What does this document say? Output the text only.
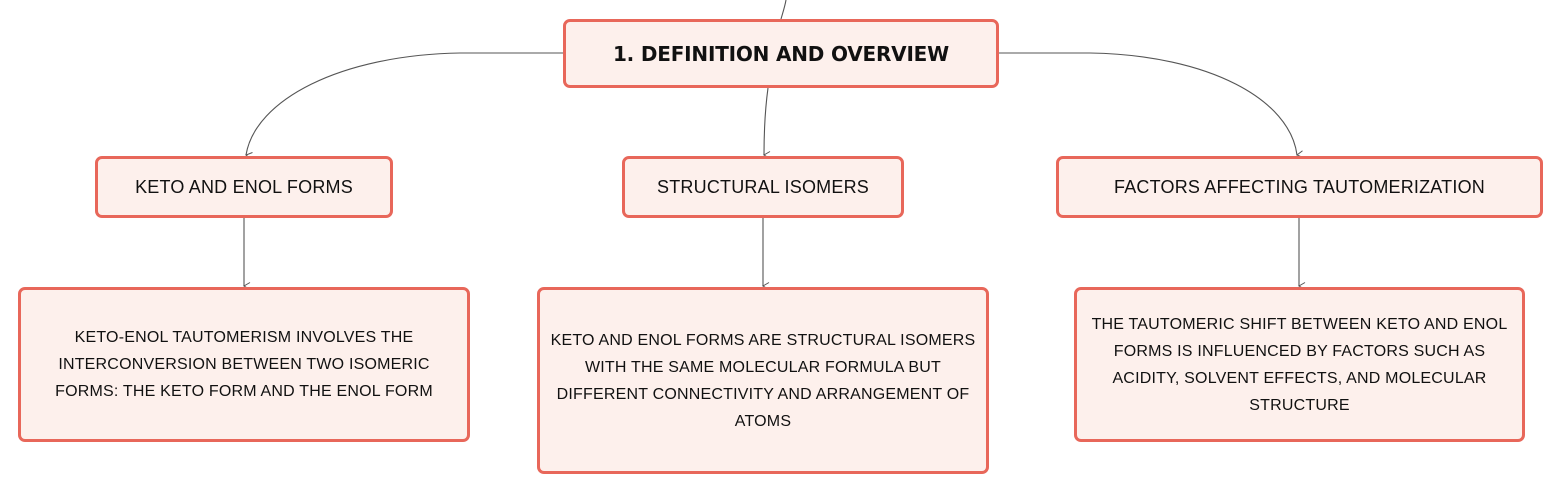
1. DEFINITION AND OVERVIEW
KETO AND ENOL FORMS	STRUCTURAL ISOMERS	FACTORS AFFECTING TAUTOMERIZATION
KETO-ENOL TAUTOMERISM INVOLVES THE INTERCONVERSION BETWEEN TWO ISOMERIC FORMS: THE KETO FORM AND THE ENOL FORM
KETO AND ENOL FORMS ARE STRUCTURAL ISOMERS WITH THE SAME MOLECULAR FORMULA BUT DIFFERENT CONNECTIVITY AND ARRANGEMENT OF ATOMS
THE TAUTOMERIC SHIFT BETWEEN KETO AND ENOL FORMS IS INFLUENCED BY FACTORS SUCH AS ACIDITY, SOLVENT EFFECTS, AND MOLECULAR STRUCTURE
